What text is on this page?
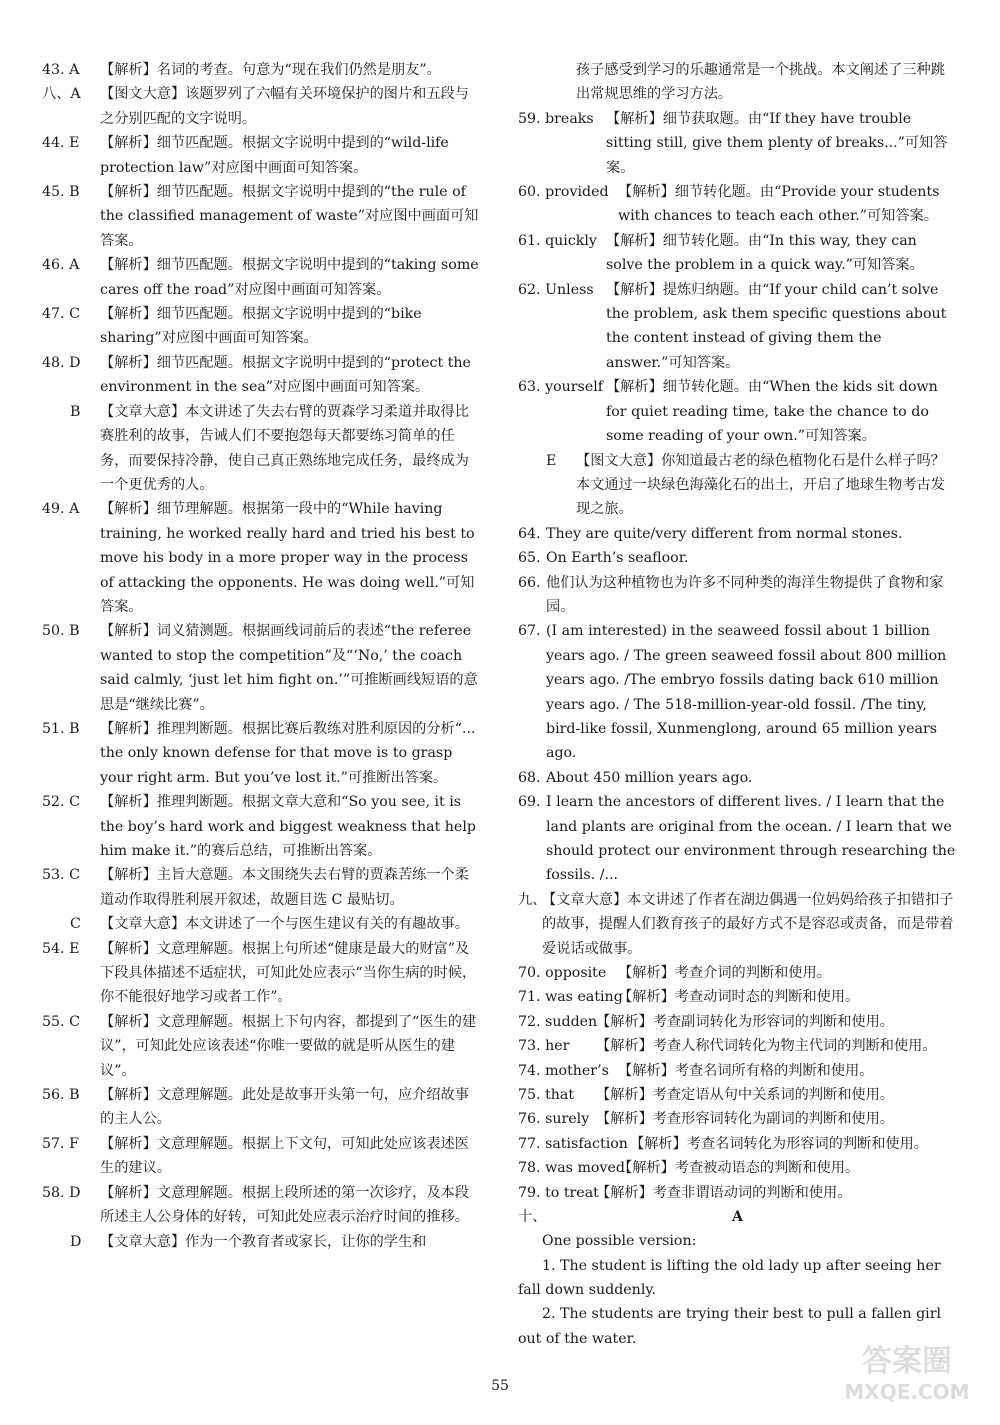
43. A 【解析】名词的考查。句意为“现在我们仍然是朋友”。

八、A 【图文大意】该题罗列了六幅有关环境保护的图片和五段与之分别匹配的文字说明。

44. E 【解析】细节匹配题。根据文字说明中提到的“wild-life protection law”对应图中画面可知答案。

45. B 【解析】细节匹配题。根据文字说明中提到的“the rule of the classified management of waste”对应图中画面可知答案。

46. A 【解析】细节匹配题。根据文字说明中提到的“taking some cares off the road”对应图中画面可知答案。

47. C 【解析】细节匹配题。根据文字说明中提到的“bike sharing”对应图中画面可知答案。

48. D 【解析】细节匹配题。根据文字说明中提到的“protect the environment in the sea”对应图中画面可知答案。

B 【文章大意】本文讲述了失去右臂的贾森学习柔道并取得比赛胜利的故事，告诫人们不要抱怨每天都要练习简单的任务，而要保持冷静，使自己真正熟练地完成任务，最终成为一个更优秀的人。

49. A 【解析】细节理解题。根据第一段中的“While having training, he worked really hard and tried his best to move his body in a more proper way in the process of attacking the opponents. He was doing well.”可知答案。

50. B 【解析】词义猜测题。根据画线词前后的表述“the referee wanted to stop the competition”及“‘No,’ the coach said calmly, ‘just let him fight on.’”可推断画线短语的意思是“继续比赛”。

51. B 【解析】推理判断题。根据比赛后教练对胜利原因的分析“... the only known defense for that move is to grasp your right arm. But you’ve lost it.”可推断出答案。

52. C 【解析】推理判断题。根据文章大意和“So you see, it is the boy’s hard work and biggest weakness that help him make it.”的赛后总结，可推断出答案。

53. C 【解析】主旨大意题。本文围绕失去右臂的贾森苦练一个柔道动作取得胜利展开叙述，故题目选 C 最贴切。

C 【文章大意】本文讲述了一个与医生建议有关的有趣故事。

54. E 【解析】文意理解题。根据上句所述“健康是最大的财富”及下段具体描述不适症状，可知此处应表示“当你生病的时候，你不能很好地学习或者工作”。

55. C 【解析】文意理解题。根据上下句内容，都提到了“医生的建议”，可知此处应该表述“你唯一要做的就是听从医生的建议”。

56. B 【解析】文意理解题。此处是故事开头第一句，应介绍故事的主人公。

57. F 【解析】文意理解题。根据上下文句，可知此处应该表述医生的建议。

58. D 【解析】文意理解题。根据上段所述的第一次诊疗，及本段所述主人公身体的好转，可知此处应表示治疗时间的推移。

D 【文章大意】作为一个教育者或家长，让你的学生和

孩子感受到学习的乐趣通常是一个挑战。本文阐述了三种跳出常规思维的学习方法。

59. breaks 【解析】细节获取题。由“If they have trouble sitting still, give them plenty of breaks...”可知答案。

60. provided 【解析】细节转化题。由“Provide your students with chances to teach each other.”可知答案。

61. quickly 【解析】细节转化题。由“In this way, they can solve the problem in a quick way.”可知答案。

62. Unless 【解析】提炼归纳题。由“If your child can’t solve the problem, ask them specific questions about the content instead of giving them the answer.”可知答案。

63. yourself 【解析】细节转化题。由“When the kids sit down for quiet reading time, take the chance to do some reading of your own.”可知答案。

E 【图文大意】你知道最古老的绿色植物化石是什么样子吗？本文通过一块绿色海藻化石的出土，开启了地球生物考古发现之旅。

64. They are quite/very different from normal stones.

65. On Earth’s seafloor.

66. 他们认为这种植物也为许多不同种类的海洋生物提供了食物和家园。

67. (I am interested) in the seaweed fossil about 1 billion years ago. / The green seaweed fossil about 800 million years ago. /The embryo fossils dating back 610 million years ago. / The 518-million-year-old fossil. /The tiny, bird-like fossil, Xunmenglong, around 65 million years ago.

68. About 450 million years ago.

69. I learn the ancestors of different lives. / I learn that the land plants are original from the ocean. / I learn that we should protect our environment through researching the fossils. /...

九、
【文章大意】本文讲述了作者在湖边偶遇一位妈妈给孩子扣错扣子的故事，提醒人们教育孩子的最好方式不是容忍或责备，而是带着爱说话或做事。

70. opposite 【解析】考查介词的判断和使用。

71. was eating
【解析】考查动词时态的判断和使用。

72. sudden
【解析】考查副词转化为形容词的判断和使用。

73. her 【解析】考查人称代词转化为物主代词的判断和使用。

74. mother’s 【解析】考查名词所有格的判断和使用。

75. that 【解析】考查定语从句中关系词的判断和使用。

76. surely 【解析】考查形容词转化为副词的判断和使用。

77. satisfaction 【解析】考查名词转化为形容词的判断和使用。

78. was moved
【解析】考查被动语态的判断和使用。

79. to treat
【解析】考查非谓语动词的判断和使用。

十、	A

One possible version:

1. The student is lifting the old lady up after seeing her fall down suddenly.

2. The students are trying their best to pull a fallen girl out of the water.

55
答案圈
MXQE.COM
